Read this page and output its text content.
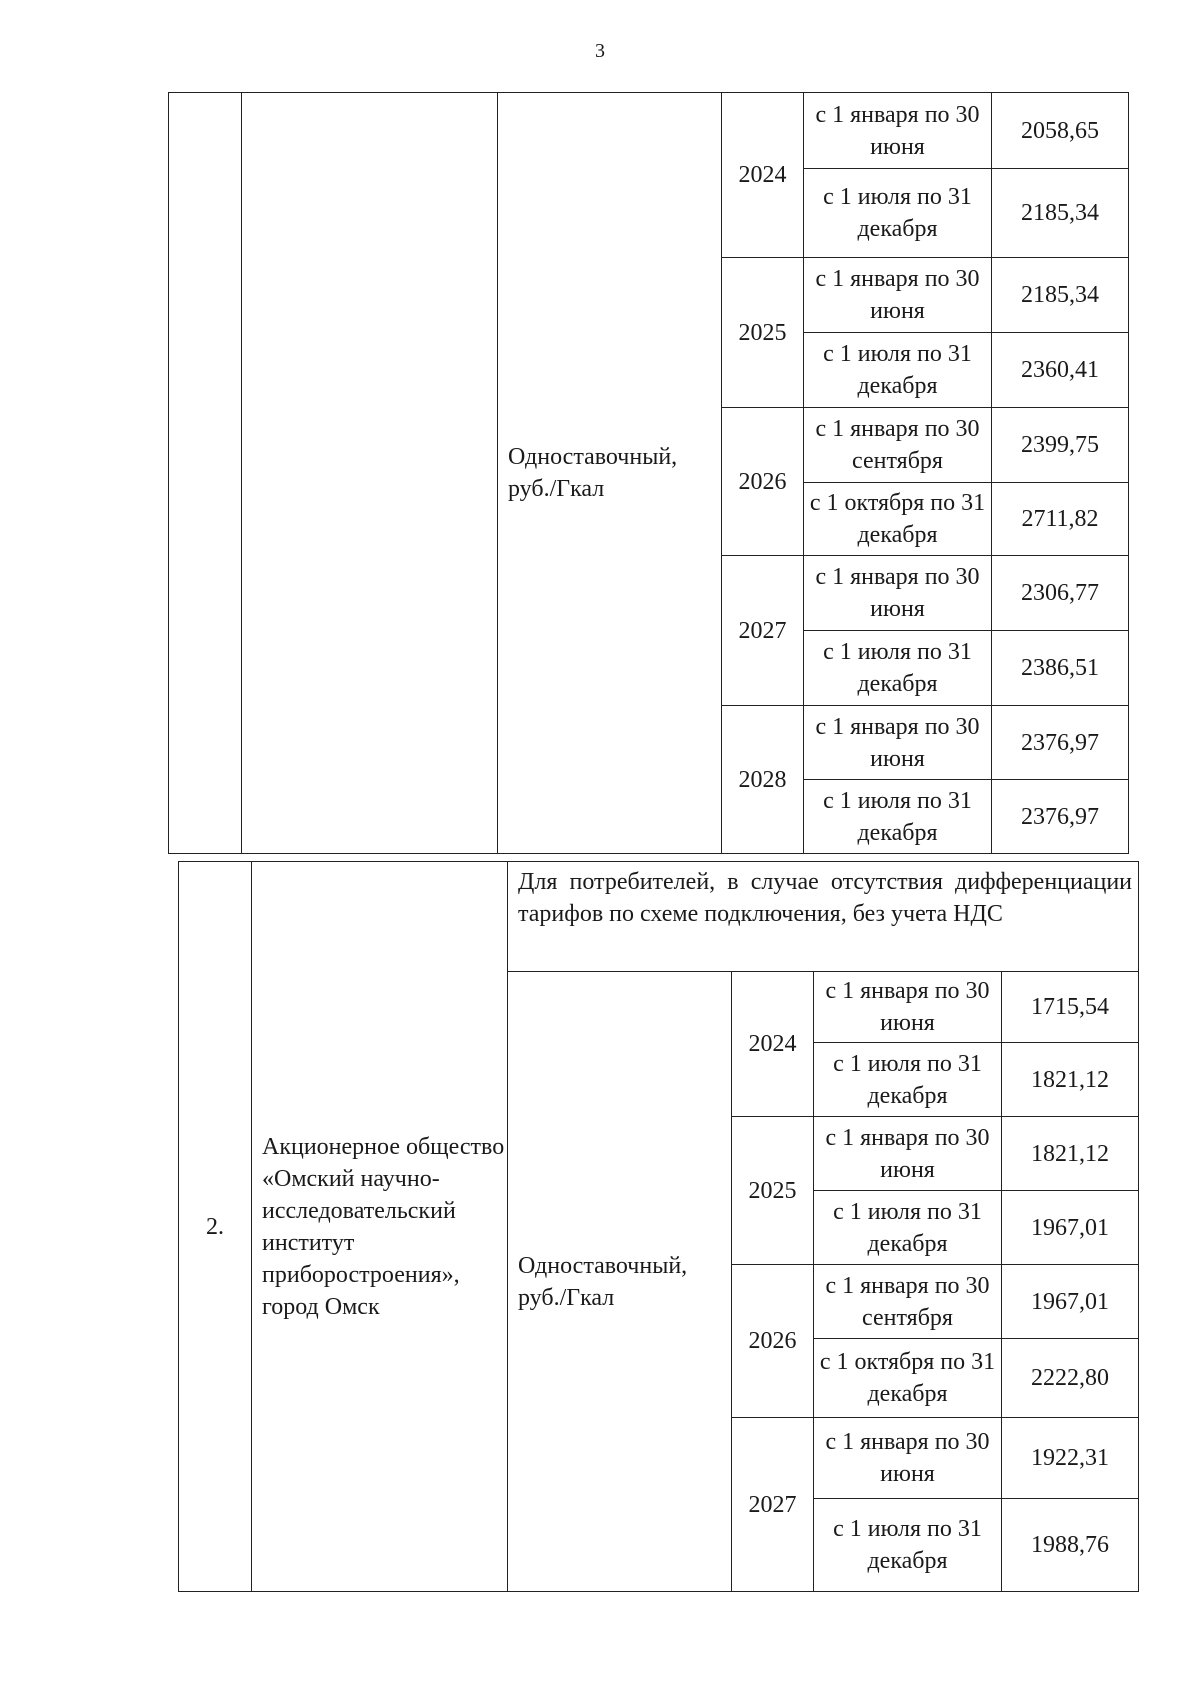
3
		Одноставочный, руб./Гкал	2024	с 1 января по 30 июня	2058,65
				с 1 июля по 31 декабря	2185,34
			2025	с 1 января по 30 июня	2185,34
				с 1 июля по 31 декабря	2360,41
			2026	с 1 января по 30 сентября	2399,75
				с 1 октября по 31 декабря	2711,82
			2027	с 1 января по 30 июня	2306,77
				с 1 июля по 31 декабря	2386,51
			2028	с 1 января по 30 июня	2376,97
				с 1 июля по 31 декабря	2376,97
2.	Акционерное общество «Омский научно-исследовательский институт приборостроения», город Омск	Для потребителей, в случае отсутствия дифференциации тарифов по схеме подключения, без учета НДС			
		Одноставочный, руб./Гкал	2024	с 1 января по 30 июня	1715,54
				с 1 июля по 31 декабря	1821,12
			2025	с 1 января по 30 июня	1821,12
				с 1 июля по 31 декабря	1967,01
			2026	с 1 января по 30 сентября	1967,01
				с 1 октября по 31 декабря	2222,80
			2027	с 1 января по 30 июня	1922,31
				с 1 июля по 31 декабря	1988,76
